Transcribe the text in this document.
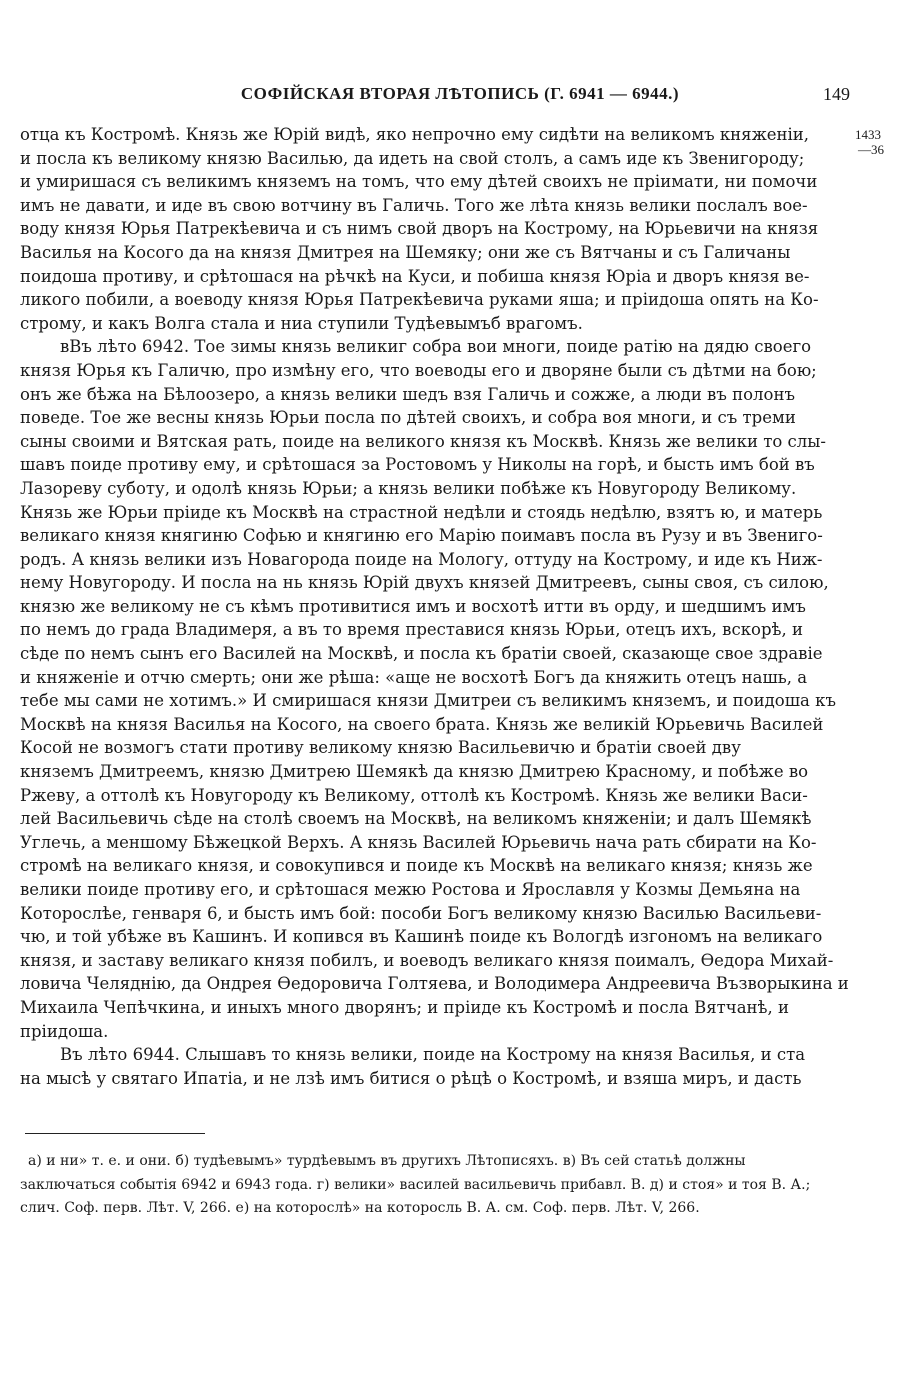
СОФІЙСКАЯ ВТОРАЯ ЛѢТОПИСЬ (Г. 6941 — 6944.)	149
1433
—36
отца къ Костромѣ. Князь же Юрій видѣ, яко непрочно ему сидѣти на великомъ княженіи,
и посла къ великому князю Василью, да идеть на свой столъ, а самъ иде къ Звенигороду;
и умиришася съ великимъ княземъ на томъ, что ему дѣтей своихъ не пріимати, ни помочи
имъ не давати, и иде въ свою вотчину въ Галичь. Того же лѣта князь велики послалъ вое-
воду князя Юрья Патрекѣевича и съ нимъ свой дворъ на Кострому, на Юрьевичи на князя
Василья на Косого да на князя Дмитрея на Шемяку; они же съ Вятчаны и съ Галичаны
поидоша противу, и срѣтошася на рѣчкѣ на Куси, и побиша князя Юріа и дворъ князя ве-
ликого побили, а воеводу князя Юрья Патрекѣевича руками яша; и пріидоша опять на Ко-
строму, и какъ Волга стала и ниа ступили Тудѣевымъб врагомъ.
вВъ лѣто 6942. Тое зимы князь великиг собра вои многи, поиде ратію на дядю своего
князя Юрья къ Галичю, про измѣну его, что воеводы его и дворяне были съ дѣтми на бою;
онъ же бѣжа на Бѣлоозеро, а князь велики шедъ взя Галичь и сожже, а люди въ полонъ
поведе. Тое же весны князь Юрьи посла по дѣтей своихъ, и собра воя многи, и съ треми
сыны своими и Вятская рать, поиде на великого князя къ Москвѣ. Князь же велики то слы-
шавъ поиде противу ему, и срѣтошася за Ростовомъ у Николы на горѣ, и бысть имъ бой въ
Лазореву суботу, и одолѣ князь Юрьи; а князь велики побѣже къ Новугороду Великому.
Князь же Юрьи пріиде къ Москвѣ на страстной недѣли и стоядь недѣлю, взятъ ю, и матерь
великаго князя княгиню Софью и княгиню его Марію поимавъ посла въ Рузу и въ Звениго-
родъ. А князь велики изъ Новагорода поиде на Мологу, оттуду на Кострому, и иде къ Ниж-
нему Новугороду. И посла на нь князь Юрій двухъ князей Дмитреевъ, сыны своя, съ силою,
князю же великому не съ кѣмъ противитися имъ и восхотѣ итти въ орду, и шедшимъ имъ
по немъ до града Владимеря, а въ то время преставися князь Юрьи, отецъ ихъ, вскорѣ, и
сѣде по немъ сынъ его Василей на Москвѣ, и посла къ братіи своей, сказающе свое здравіе
и княженіе и отчю смерть; они же рѣша: «аще не восхотѣ Богъ да княжить отецъ нашь, а
тебе мы сами не хотимъ.» И смиришася князи Дмитреи съ великимъ княземъ, и поидоша къ
Москвѣ на князя Василья на Косого, на своего брата. Князь же великій Юрьевичь Василей
Косой не возмогъ стати противу великому князю Васильевичю и братіи своей дву
княземъ Дмитреемъ, князю Дмитрею Шемякѣ да князю Дмитрею Красному, и побѣже во
Ржеву, а оттолѣ къ Новугороду къ Великому, оттолѣ къ Костромѣ. Князь же велики Васи-
лей Васильевичь сѣде на столѣ своемъ на Москвѣ, на великомъ княженіи; и далъ Шемякѣ
Углечь, а меншому Бѣжецкой Верхъ. А князь Василей Юрьевичь нача рать сбирати на Ко-
стромѣ на великаго князя, и совокупився и поиде къ Москвѣ на великаго князя; князь же
велики поиде противу его, и срѣтошася межю Ростова и Ярославля у Козмы Демьяна на
Которослѣе, генваря 6, и бысть имъ бой: пособи Богъ великому князю Василью Васильеви-
чю, и той убѣже въ Кашинъ. И копився въ Кашинѣ поиде къ Вологдѣ изгономъ на великаго
князя, и заставу великаго князя побилъ, и воеводъ великаго князя поималъ, Ѳедора Михай-
ловича Челяднію, да Ондрея Ѳедоровича Голтяева, и Володимера Андреевича Възворыкина и
Михаила Чепѣчкина, и иныхъ много дворянъ; и пріиде къ Костромѣ и посла Вятчанѣ, и
пріидоша.
Въ лѣто 6944. Слышавъ то князь велики, поиде на Кострому на князя Василья, и ста
на мысѣ у святаго Ипатіа, и не лзѣ имъ битися о рѣцѣ о Костромѣ, и взяша миръ, и дасть
а) и ни» т. е. и они. б) тудѣевымъ» турдѣевымъ въ другихъ Лѣтописяхъ. в) Въ сей статьѣ должны
заключаться событія 6942 и 6943 года. г) велики» василей васильевичь прибавл. В. д) и стоя» и тоя В. А.;
слич. Соф. перв. Лѣт. V, 266. е) на которослѣ» на которосль В. А. см. Соф. перв. Лѣт. V, 266.
